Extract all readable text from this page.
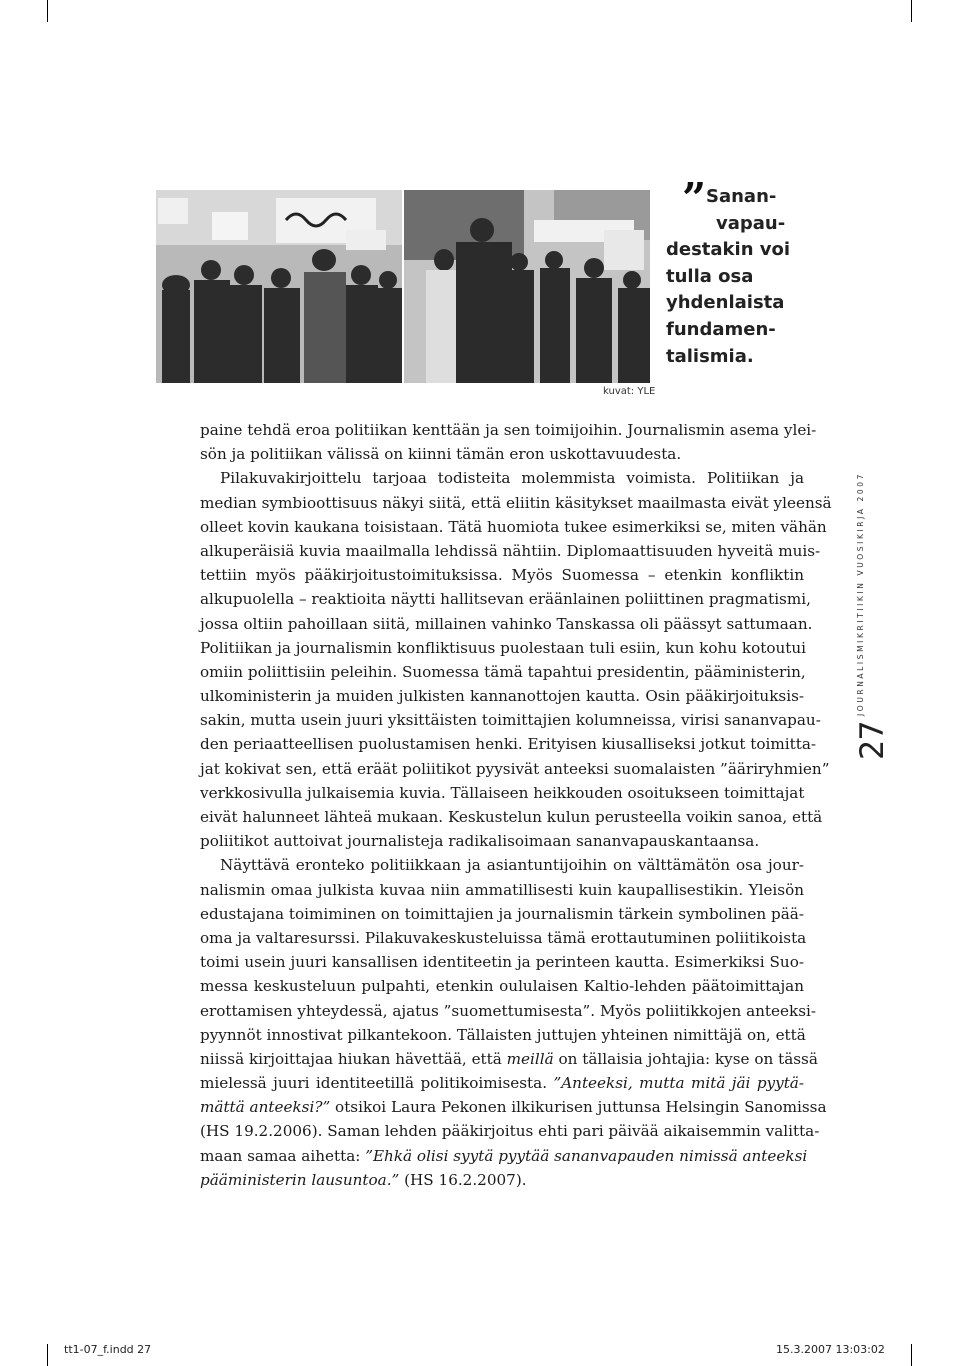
kuvat: YLE
” Sanan-
vapau-
destakin voi
tulla osa
yhdenlaista
fundamen-
talismia.
paine tehdä eroa politiikan kenttään ja sen toimijoihin. Journalismin asema ylei-
sön ja politiikan välissä on kiinni tämän eron uskottavuudesta.
Pilakuvakirjoittelu tarjoaa todisteita molemmista voimista. Politiikan ja
median symbioottisuus näkyi siitä, että eliitin käsitykset maailmasta eivät yleensä
olleet kovin kaukana toisistaan. Tätä huomiota tukee esimerkiksi se, miten vähän
alkuperäisiä kuvia maailmalla lehdissä nähtiin. Diplomaattisuuden hyveitä muis-
tettiin myös pääkirjoitustoimituksissa. Myös Suomessa – etenkin konfliktin
alkupuolella – reaktioita näytti hallitsevan eräänlainen poliittinen pragmatismi,
jossa oltiin pahoillaan siitä, millainen vahinko Tanskassa oli päässyt sattumaan.
Politiikan ja journalismin konfliktisuus puolestaan tuli esiin, kun kohu kotoutui
omiin poliittisiin peleihin. Suomessa tämä tapahtui presidentin, pääministerin,
ulkoministerin ja muiden julkisten kannanottojen kautta. Osin pääkirjoituksis-
sakin, mutta usein juuri yksittäisten toimittajien kolumneissa, virisi sananvapau-
den periaatteellisen puolustamisen henki. Erityisen kiusalliseksi jotkut toimitta-
jat kokivat sen, että eräät poliitikot pyysivät anteeksi suomalaisten ”ääriryhmien”
verkkosivulla julkaisemia kuvia. Tällaiseen heikkouden osoitukseen toimittajat
eivät halunneet lähteä mukaan. Keskustelun kulun perusteella voikin sanoa, että
poliitikot auttoivat journalisteja radikalisoimaan sananvapauskantaansa.
Näyttävä eronteko politiikkaan ja asiantuntijoihin on välttämätön osa jour-
nalismin omaa julkista kuvaa niin ammatillisesti kuin kaupallisestikin. Yleisön
edustajana toimiminen on toimittajien ja journalismin tärkein symbolinen pää-
oma ja valtaresurssi. Pilakuvakeskusteluissa tämä erottautuminen poliitikoista
toimi usein juuri kansallisen identiteetin ja perinteen kautta. Esimerkiksi Suo-
messa keskusteluun pulpahti, etenkin oululaisen Kaltio-lehden päätoimittajan
erottamisen yhteydessä, ajatus ”suomettumisesta”. Myös poliitikkojen anteeksi-
pyynnöt innostivat pilkantekoon. Tällaisten juttujen yhteinen nimittäjä on, että
niissä kirjoittajaa hiukan hävettää, että meillä on tällaisia johtajia: kyse on tässä
mielessä juuri identiteetillä politikoimisesta. ”Anteeksi, mutta mitä jäi pyytä-
mättä anteeksi?” otsikoi Laura Pekonen ilkikurisen juttunsa Helsingin Sanomissa
(HS 19.2.2006). Saman lehden pääkirjoitus ehti pari päivää aikaisemmin valitta-
maan samaa aihetta: ”Ehkä olisi syytä pyytää sananvapauden nimissä anteeksi
pääministerin lausuntoa.” (HS 16.2.2007).
JOURNALISMIKRITIIKIN VUOSIKIRJA 2007
27
tt1-07_f.indd 27	15.3.2007 13:03:02
